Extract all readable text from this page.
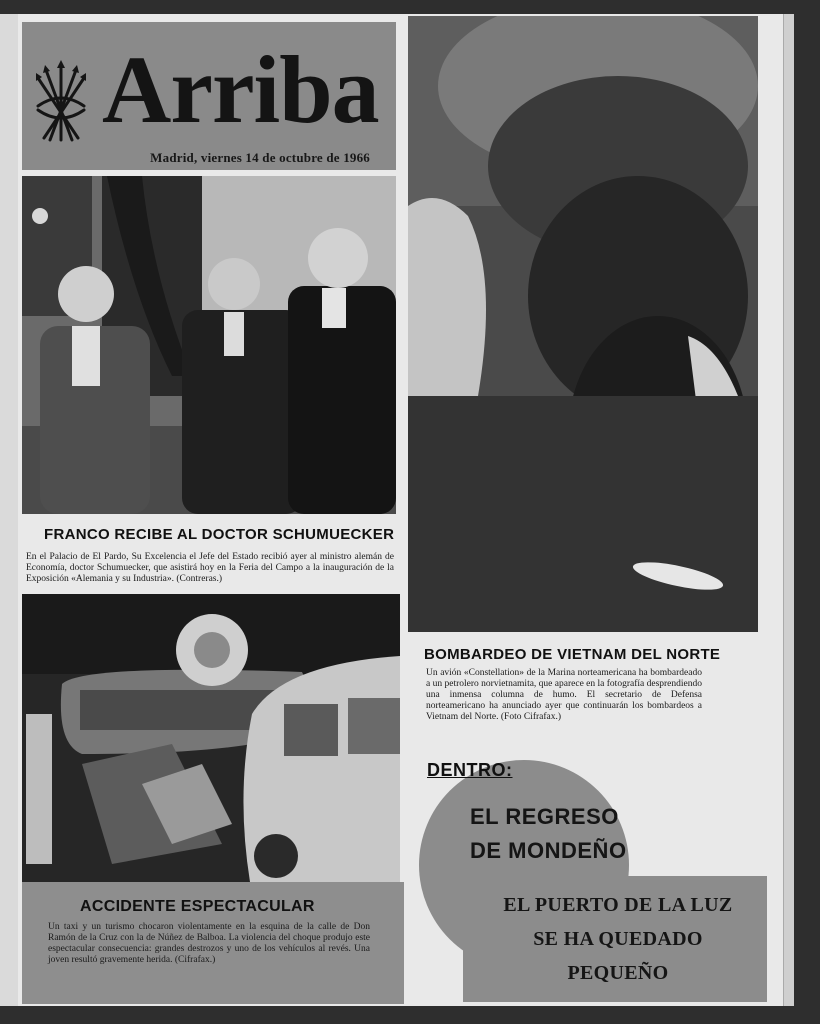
Arriba
Madrid, viernes 14 de octubre de 1966
FRANCO RECIBE AL DOCTOR SCHUMUECKER
En el Palacio de El Pardo, Su Excelencia el Jefe del Estado recibió ayer al ministro alemán de Economía, doctor Schumuecker, que asistirá hoy en la Feria del Campo a la inauguración de la Exposición «Alemania y su Industria». (Contreras.)
ACCIDENTE ESPECTACULAR
Un taxi y un turismo chocaron violentamente en la esquina de la calle de Don Ramón de la Cruz con la de Núñez de Balboa. La violencia del choque produjo este espectacular consecuencia: grandes destrozos y uno de los vehículos al revés. Una joven resultó gravemente herida. (Cifrafax.)
BOMBARDEO DE VIETNAM DEL NORTE
Un avión «Constellation» de la Marina norteamericana ha bombardeado a un petrolero norvietnamita, que aparece en la fotografía desprendiendo una inmensa columna de humo. El secretario de Defensa norteamericano ha anunciado ayer que continuarán los bombardeos a Vietnam del Norte. (Foto Cifrafax.)
DENTRO:
EL REGRESO
DE MONDEÑO
EL PUERTO DE LA LUZ
SE HA QUEDADO PEQUEÑO
